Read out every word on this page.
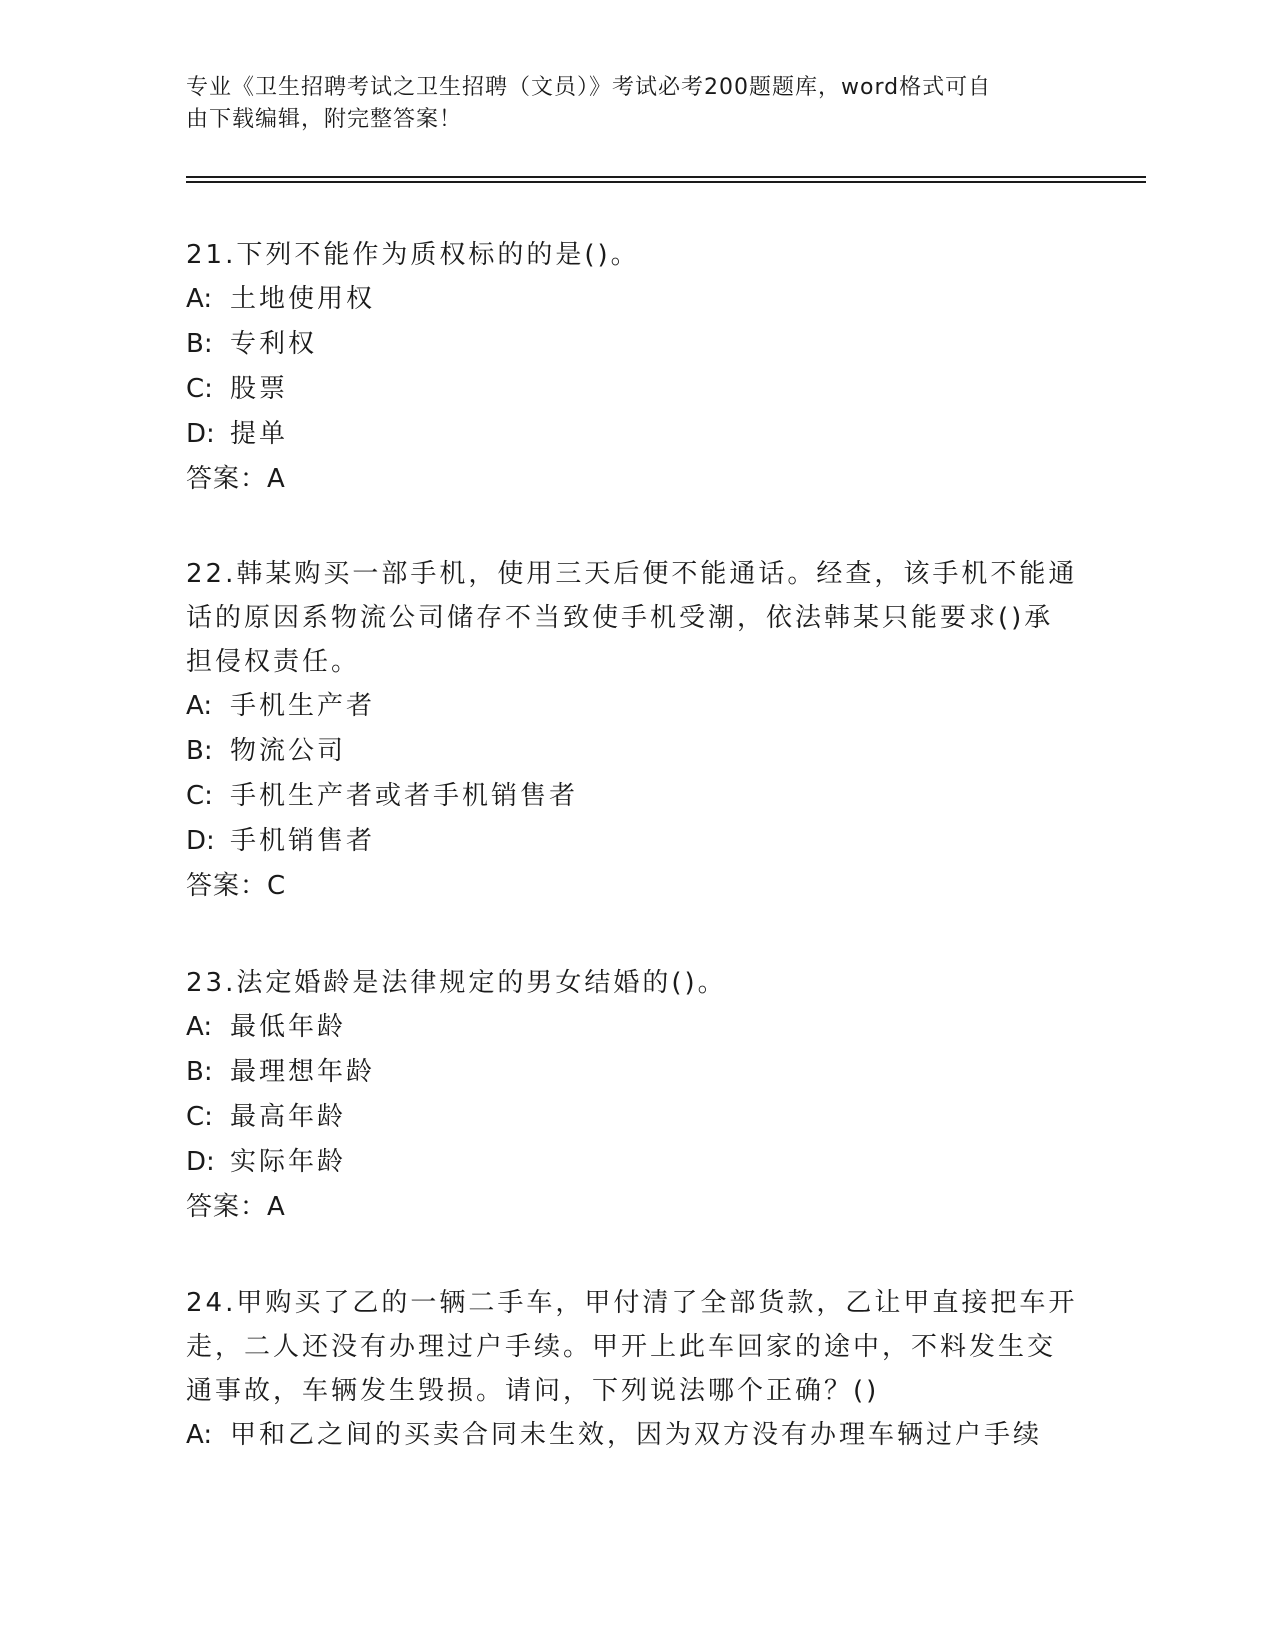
专业《卫生招聘考试之卫生招聘（文员）》考试必考200题题库，word格式可自
由下载编辑，附完整答案！

21.下列不能作为质权标的的是()。

A: 土地使用权

B: 专利权

C: 股票

D: 提单

答案：A

22.韩某购买一部手机，使用三天后便不能通话。经查，该手机不能通

话的原因系物流公司储存不当致使手机受潮，依法韩某只能要求()承

担侵权责任。

A: 手机生产者

B: 物流公司

C: 手机生产者或者手机销售者

D: 手机销售者

答案：C

23.法定婚龄是法律规定的男女结婚的()。

A: 最低年龄

B: 最理想年龄

C: 最高年龄

D: 实际年龄

答案：A

24.甲购买了乙的一辆二手车，甲付清了全部货款，乙让甲直接把车开

走，二人还没有办理过户手续。甲开上此车回家的途中，不料发生交

通事故，车辆发生毁损。请问，下列说法哪个正确？()

A: 甲和乙之间的买卖合同未生效，因为双方没有办理车辆过户手续
